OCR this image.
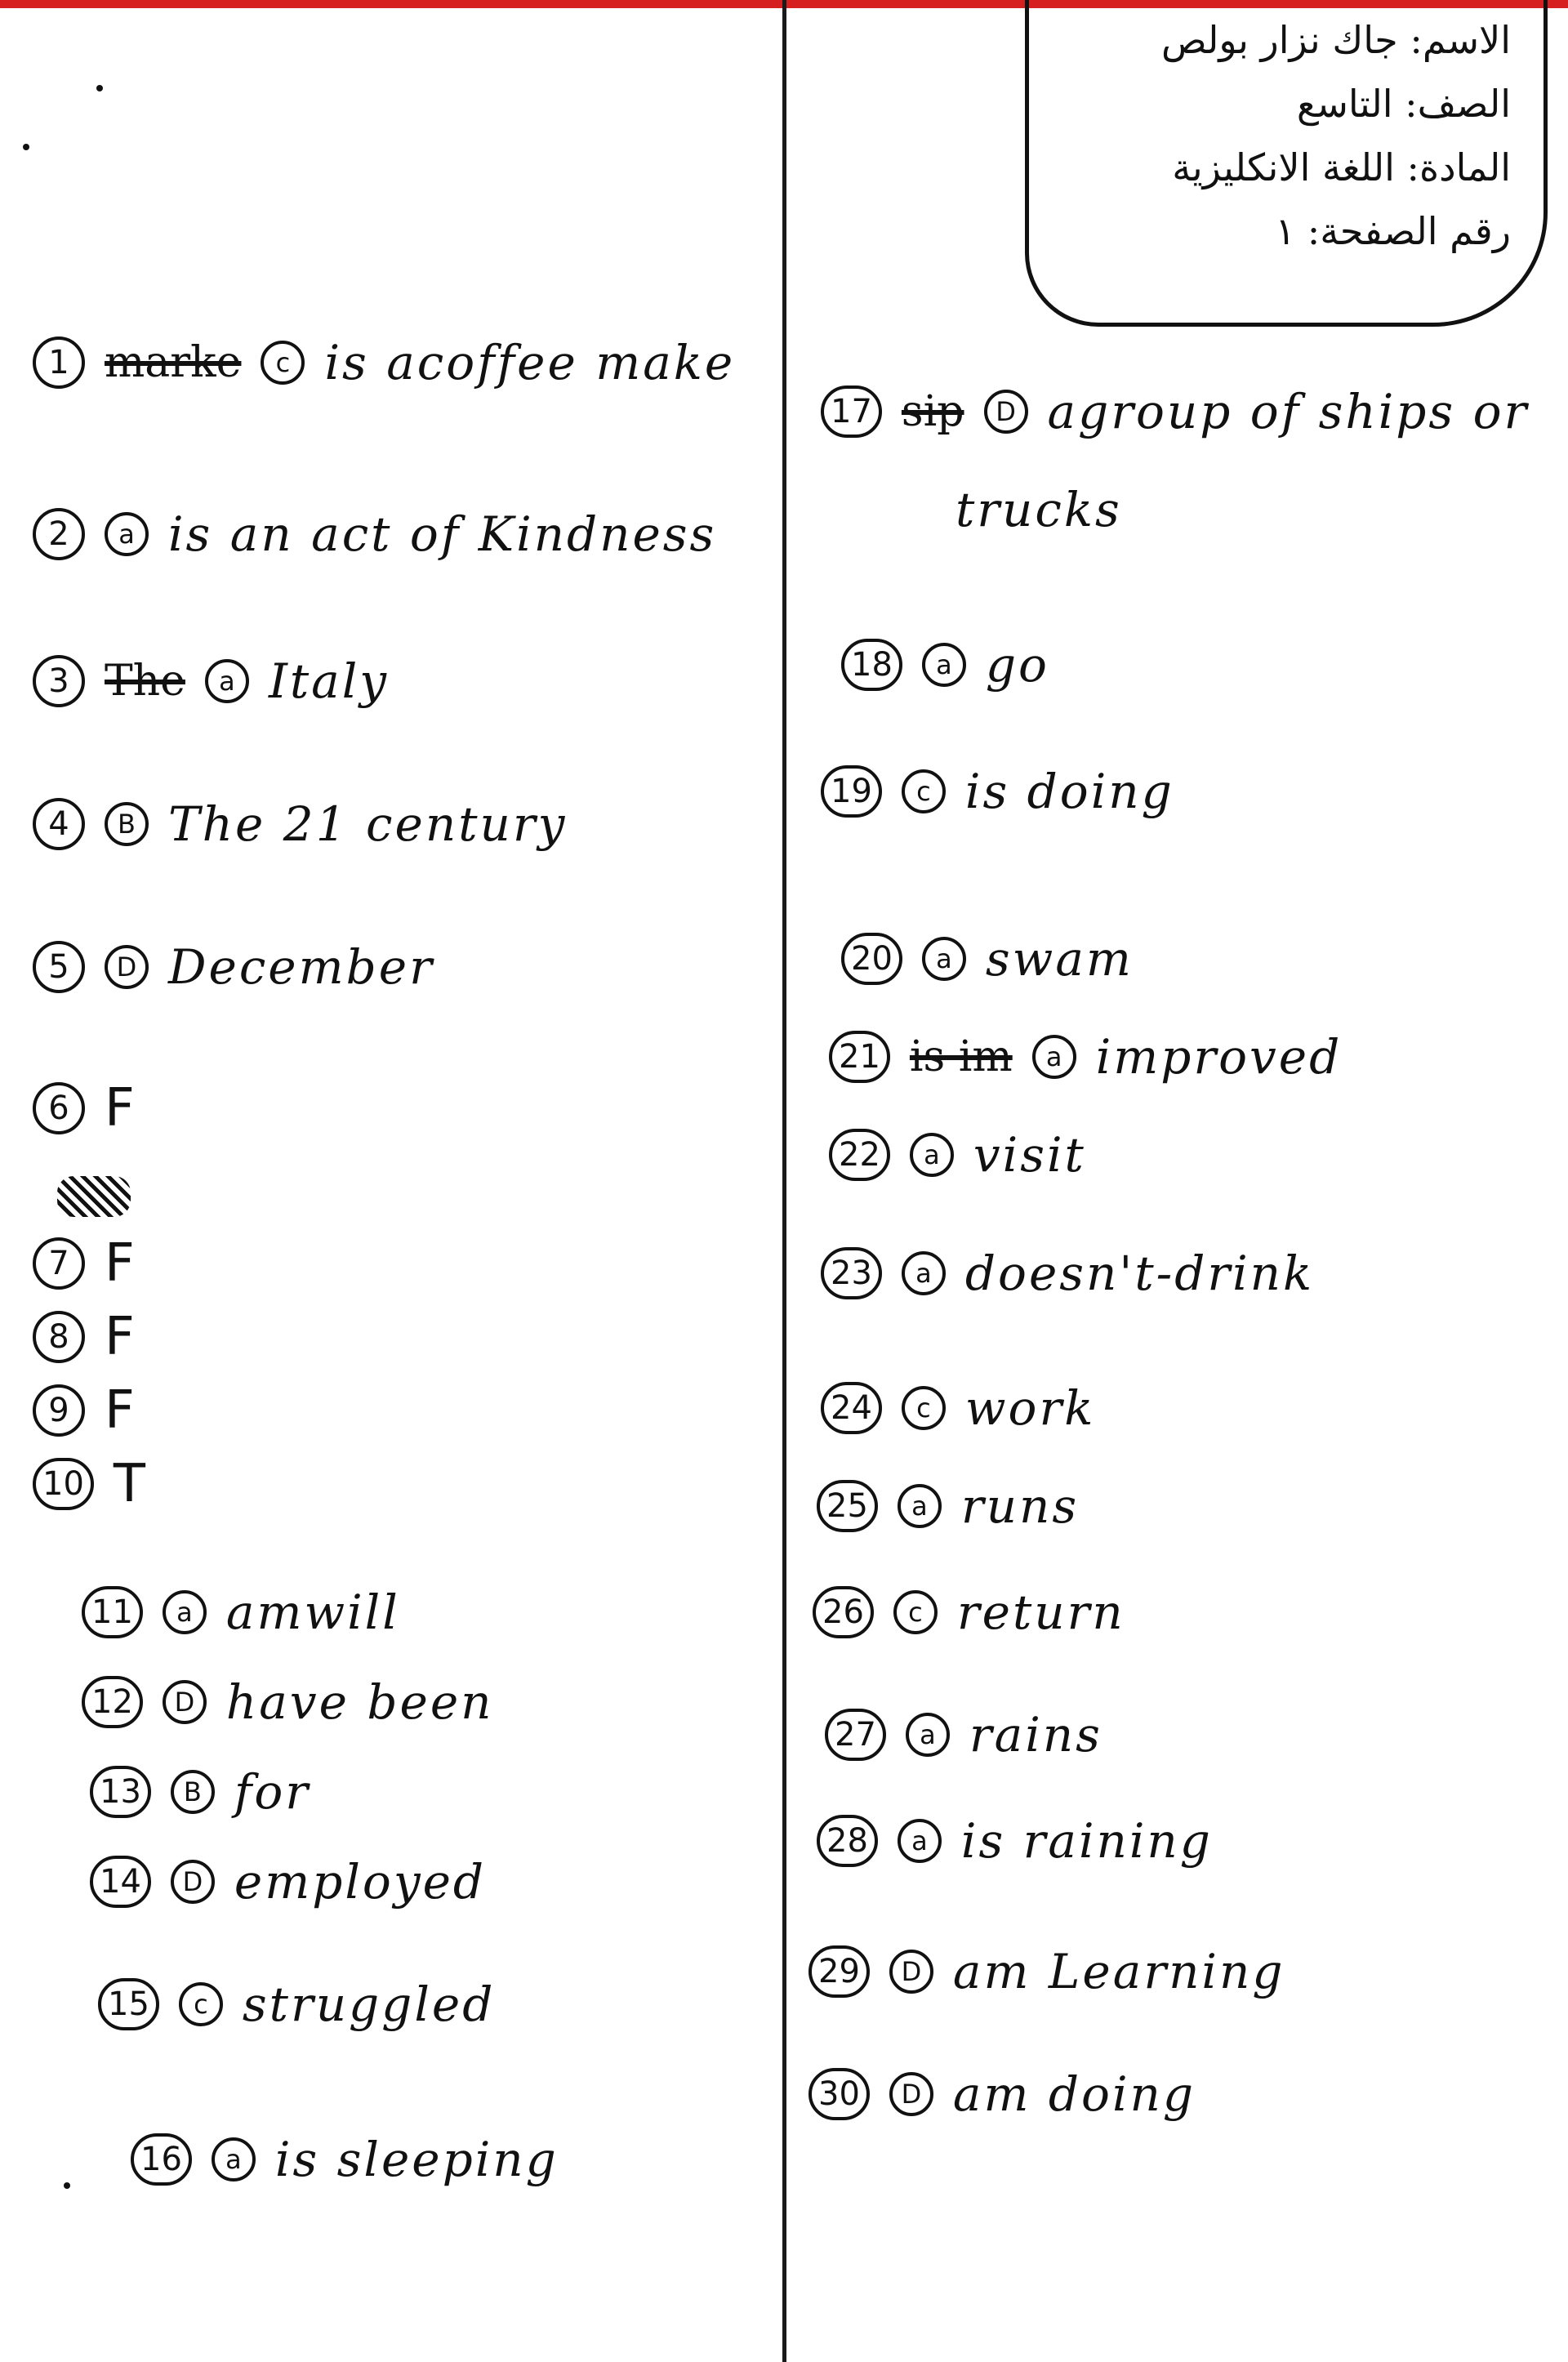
الاسم: جاك نزار بولص
الصف: التاسع
المادة: اللغة الانكليزية
رقم الصفحة: ١
1 marke	c is acoffee make
2	a is an act of Kindness
3 The	a Italy
4	B The 21 century
5	D December
6 F
7 F
8 F
9 F
10 T
11	a amwill
12	D have been
13	B for
14	D employed
15	c struggled
16	a is sleeping
17 sip	D agroup of ships or
trucks
18	a go
19	c is doing
20	a swam
21 is im	a improved
22	a visit
23	a doesn't-drink
24	c work
25	a runs
26	c return
27	a rains
28	a is raining
29	D am Learning
30	D am doing
